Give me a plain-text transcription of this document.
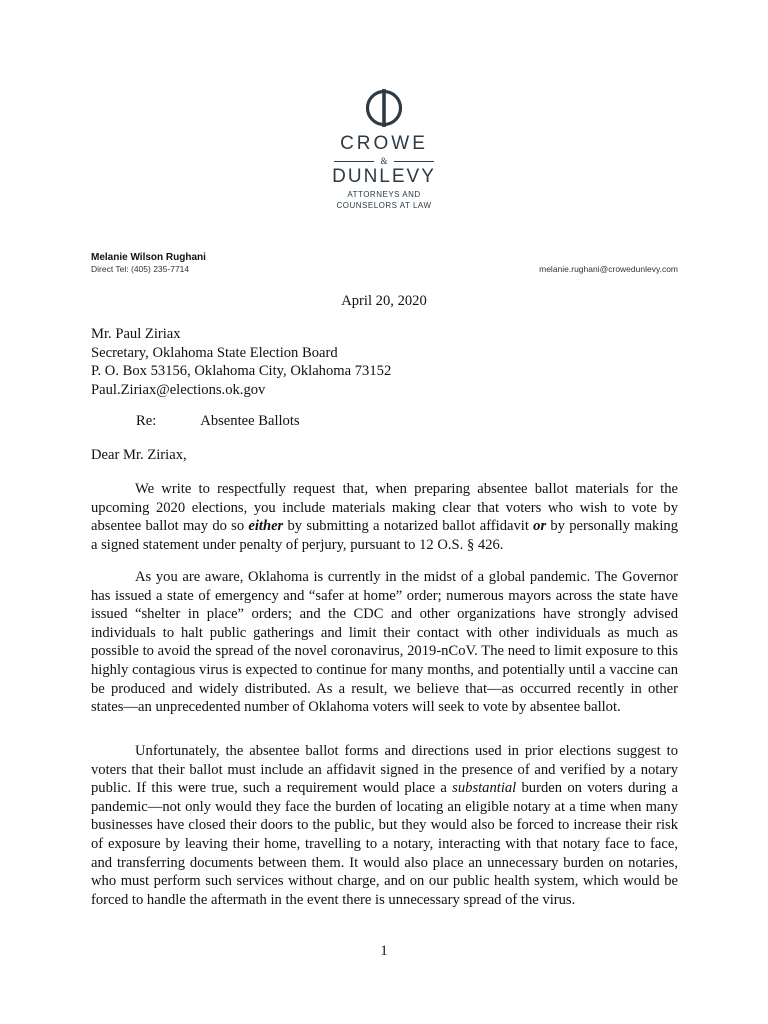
CROWE
&
DUNLEVY
ATTORNEYS AND
COUNSELORS AT LAW
Melanie Wilson Rughani
Direct Tel: (405) 235-7714	melanie.rughani@crowedunlevy.com
April 20, 2020
Mr. Paul Ziriax
Secretary, Oklahoma State Election Board
P. O. Box 53156, Oklahoma City, Oklahoma 73152
Paul.Ziriax@elections.ok.gov
Re:	Absentee Ballots
Dear Mr. Ziriax,

We write to respectfully request that, when preparing absentee ballot materials for the upcoming 2020 elections, you include materials making clear that voters who wish to vote by absentee ballot may do so either by submitting a notarized ballot affidavit or by personally making a signed statement under penalty of perjury, pursuant to 12 O.S. § 426.

As you are aware, Oklahoma is currently in the midst of a global pandemic. The Governor has issued a state of emergency and “safer at home” order; numerous mayors across the state have issued “shelter in place” orders; and the CDC and other organizations have strongly advised individuals to halt public gatherings and limit their contact with other individuals as much as possible to avoid the spread of the novel coronavirus, 2019-nCoV. The need to limit exposure to this highly contagious virus is expected to continue for many months, and potentially until a vaccine can be produced and widely distributed. As a result, we believe that—as occurred recently in other states—an unprecedented number of Oklahoma voters will seek to vote by absentee ballot.

Unfortunately, the absentee ballot forms and directions used in prior elections suggest to voters that their ballot must include an affidavit signed in the presence of and verified by a notary public. If this were true, such a requirement would place a substantial burden on voters during a pandemic—not only would they face the burden of locating an eligible notary at a time when many businesses have closed their doors to the public, but they would also be forced to increase their risk of exposure by leaving their home, travelling to a notary, interacting with that notary face to face, and transferring documents between them. It would also place an unnecessary burden on notaries, who must perform such services without charge, and on our public health system, which would be forced to handle the aftermath in the event there is unnecessary spread of the virus.

1
